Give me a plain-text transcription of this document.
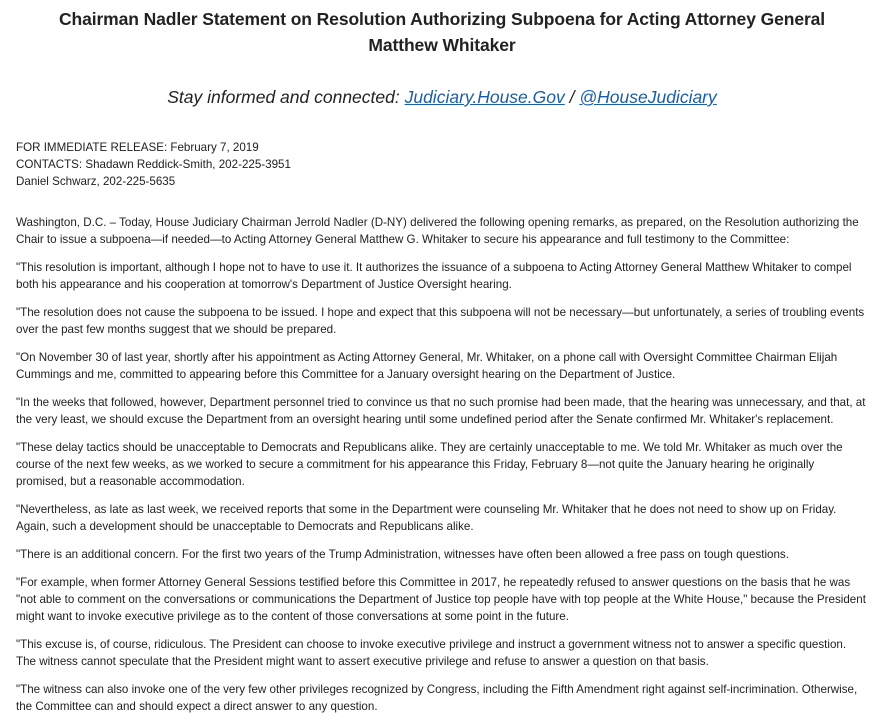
Chairman Nadler Statement on Resolution Authorizing Subpoena for Acting Attorney General Matthew Whitaker
Stay informed and connected: Judiciary.House.Gov / @HouseJudiciary
FOR IMMEDIATE RELEASE: February 7, 2019
CONTACTS: Shadawn Reddick-Smith, 202-225-3951
Daniel Schwarz, 202-225-5635

Washington, D.C. – Today, House Judiciary Chairman Jerrold Nadler (D-NY) delivered the following opening remarks, as prepared, on the Resolution authorizing the Chair to issue a subpoena—if needed—to Acting Attorney General Matthew G. Whitaker to secure his appearance and full testimony to the Committee:

"This resolution is important, although I hope not to have to use it. It authorizes the issuance of a subpoena to Acting Attorney General Matthew Whitaker to compel both his appearance and his cooperation at tomorrow's Department of Justice Oversight hearing.

"The resolution does not cause the subpoena to be issued. I hope and expect that this subpoena will not be necessary—but unfortunately, a series of troubling events over the past few months suggest that we should be prepared.

"On November 30 of last year, shortly after his appointment as Acting Attorney General, Mr. Whitaker, on a phone call with Oversight Committee Chairman Elijah Cummings and me, committed to appearing before this Committee for a January oversight hearing on the Department of Justice.

"In the weeks that followed, however, Department personnel tried to convince us that no such promise had been made, that the hearing was unnecessary, and that, at the very least, we should excuse the Department from an oversight hearing until some undefined period after the Senate confirmed Mr. Whitaker's replacement.

"These delay tactics should be unacceptable to Democrats and Republicans alike. They are certainly unacceptable to me. We told Mr. Whitaker as much over the course of the next few weeks, as we worked to secure a commitment for his appearance this Friday, February 8—not quite the January hearing he originally promised, but a reasonable accommodation.

"Nevertheless, as late as last week, we received reports that some in the Department were counseling Mr. Whitaker that he does not need to show up on Friday. Again, such a development should be unacceptable to Democrats and Republicans alike.

"There is an additional concern. For the first two years of the Trump Administration, witnesses have often been allowed a free pass on tough questions.

"For example, when former Attorney General Sessions testified before this Committee in 2017, he repeatedly refused to answer questions on the basis that he was "not able to comment on the conversations or communications the Department of Justice top people have with top people at the White House," because the President might want to invoke executive privilege as to the content of those conversations at some point in the future.

"This excuse is, of course, ridiculous. The President can choose to invoke executive privilege and instruct a government witness not to answer a specific question. The witness cannot speculate that the President might want to assert executive privilege and refuse to answer a question on that basis.

"The witness can also invoke one of the very few other privileges recognized by Congress, including the Fifth Amendment right against self-incrimination. Otherwise, the Committee can and should expect a direct answer to any question.
